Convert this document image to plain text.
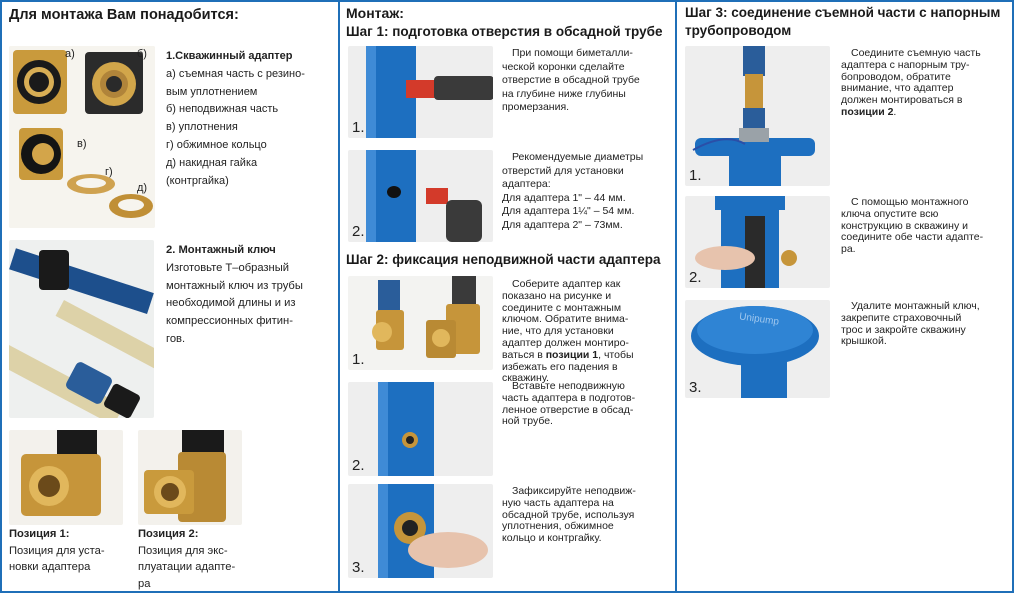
Для монтажа Вам понадобится:
а)	б)
в)
г)
д)
1.Скважинный адаптер
а) съемная часть с резино-
вым уплотнением
б) неподвижная часть
в) уплотнения
г) обжимное кольцо
д) накидная гайка
(контргайка)
2. Монтажный ключ
Изготовьте Т–образный
монтажный ключ из трубы
необходимой длины и из
компрессионных фитин-
гов.
Позиция 1:
Позиция для уста-
новки адаптера
Позиция 2:
Позиция для экс-
плуатации адапте-
ра
Монтаж:
Шаг 1: подготовка отверстия в обсадной трубе
1.
При помощи биметалли-
ческой коронки сделайте
отверстие в обсадной трубе
на глубине ниже глубины
промерзания.
2.
Рекомендуемые диаметры
отверстий для установки
адаптера:
Для адаптера 1" – 44 мм.
Для адаптера 1¼" – 54 мм.
Для адаптера 2" – 73мм.
Шаг 2: фиксация неподвижной части адаптера
1.
Соберите адаптер как
показано на рисунке и
соедините с монтажным
ключом. Обратите внима-
ние, что для установки
адаптер должен монтиро-
ваться в позиции 1, чтобы
избежать его падения в
скважину.
2.
Вставьте неподвижную
часть адаптера в подготов-
ленное отверстие в обсад-
ной трубе.
3.
Зафиксируйте неподвиж-
ную часть адаптера на
обсадной трубе, используя
уплотнения, обжимное
кольцо и контргайку.
Шаг 3: соединение съемной части с напорным
трубопроводом
1.
Соедините съемную часть
адаптера с напорным тру-
бопроводом, обратите
внимание, что адаптер
должен монтироваться в
позиции 2.
2.
С помощью монтажного
ключа опустите всю
конструкцию в скважину и
соедините обе части адапте-
ра.
Unipump
3.
Удалите монтажный ключ,
закрепите страховочный
трос и закройте скважину
крышкой.
